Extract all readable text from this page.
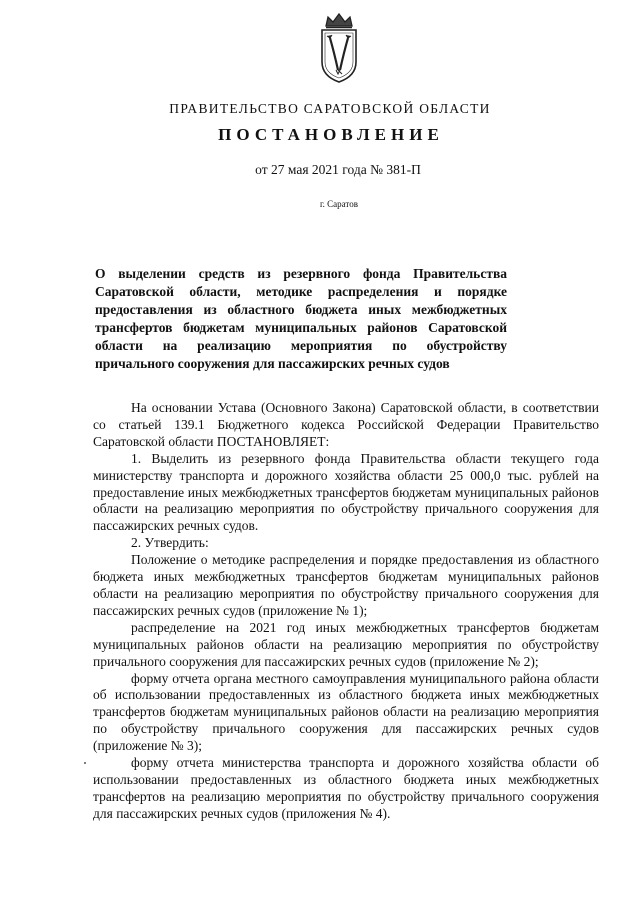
ПРАВИТЕЛЬСТВО САРАТОВСКОЙ ОБЛАСТИ
ПОСТАНОВЛЕНИЕ
от 27 мая 2021 года № 381-П
г. Саратов
О выделении средств из резервного фонда Правительства Саратовской области, методике распределения и порядке предоставления из областного бюджета иных межбюджетных трансфертов бюджетам муниципальных районов Саратовской области на реализацию мероприятия по обустройству причального сооружения для пассажирских речных судов

На основании Устава (Основного Закона) Саратовской области, в соответствии со статьей 139.1 Бюджетного кодекса Российской Федерации Правительство Саратовской области ПОСТАНОВЛЯЕТ:

1. Выделить из резервного фонда Правительства области текущего года министерству транспорта и дорожного хозяйства области 25 000,0 тыс. рублей на предоставление иных межбюджетных трансфертов бюджетам муниципальных районов области на реализацию мероприятия по обустройству причального сооружения для пассажирских речных судов.

2. Утвердить:

Положение о методике распределения и порядке предоставления из областного бюджета иных межбюджетных трансфертов бюджетам муниципальных районов области на реализацию мероприятия по обустройству причального сооружения для пассажирских речных судов (приложение № 1);

распределение на 2021 год иных межбюджетных трансфертов бюджетам муниципальных районов области на реализацию мероприятия по обустройству причального сооружения для пассажирских речных судов (приложение № 2);

форму отчета органа местного самоуправления муниципального района области об использовании предоставленных из областного бюджета иных межбюджетных трансфертов бюджетам муниципальных районов области на реализацию мероприятия по обустройству причального сооружения для пассажирских речных судов (приложение № 3);

форму отчета министерства транспорта и дорожного хозяйства области об использовании предоставленных из областного бюджета иных межбюджетных трансфертов на реализацию мероприятия по обустройству причального сооружения для пассажирских речных судов (приложения № 4).
